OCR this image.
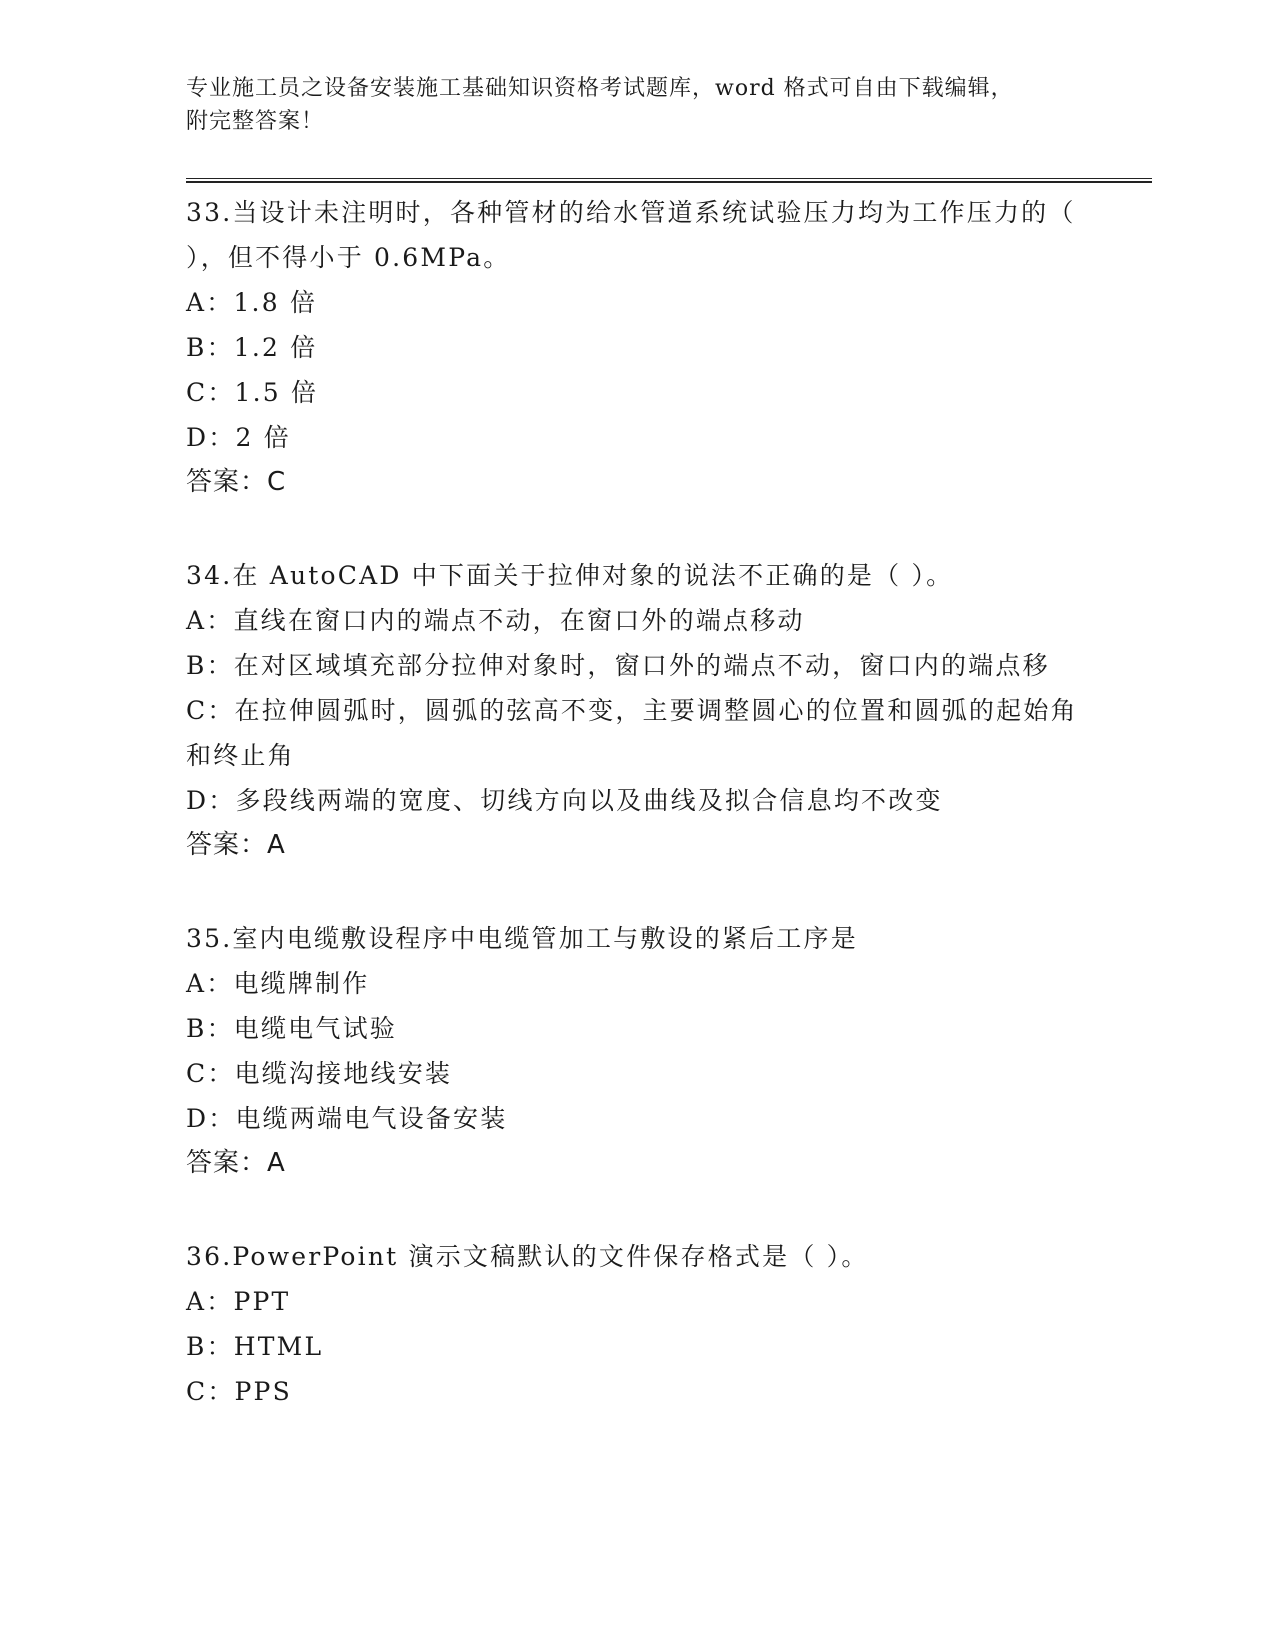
专业施工员之设备安装施工基础知识资格考试题库，word 格式可自由下载编辑，
附完整答案！

33.当设计未注明时，各种管材的给水管道系统试验压力均为工作压力的（ ），但不得小于 0.6MPa。

A：1.8 倍

B：1.2 倍

C：1.5 倍

D：2 倍

答案：C

34.在 AutoCAD 中下面关于拉伸对象的说法不正确的是（ ）。

A：直线在窗口内的端点不动，在窗口外的端点移动

B：在对区域填充部分拉伸对象时，窗口外的端点不动，窗口内的端点移

C：在拉伸圆弧时，圆弧的弦高不变，主要调整圆心的位置和圆弧的起始角和终止角

D：多段线两端的宽度、切线方向以及曲线及拟合信息均不改变

答案：A

35.室内电缆敷设程序中电缆管加工与敷设的紧后工序是

A：电缆牌制作

B：电缆电气试验

C：电缆沟接地线安装

D：电缆两端电气设备安装

答案：A

36.PowerPoint 演示文稿默认的文件保存格式是（ ）。

A：PPT

B：HTML

C：PPS
